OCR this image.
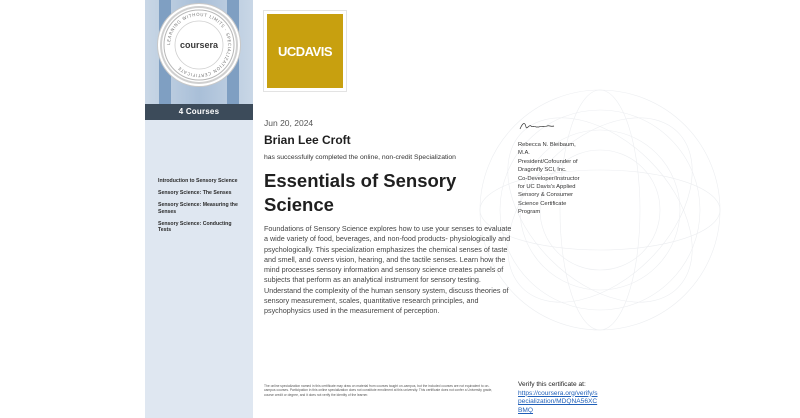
LEARNING WITHOUT LIMITS · SPECIALIZATION CERTIFICATE
coursera
4 Courses
Introduction to Sensory Science
Sensory Science: The Senses
Sensory Science: Measuring the Senses
Sensory Science: Conducting Tests
UCDAVIS
Jun 20, 2024
Brian Lee Croft
has successfully completed the online, non-credit Specialization
Essentials of Sensory Science
Foundations of Sensory Science explores how to use your senses to evaluate a wide variety of food, beverages, and non-food products- physiologically and psychologically. This specialization emphasizes the chemical senses of taste and smell, and covers vision, hearing, and the tactile senses. Learn how the mind processes sensory information and sensory science creates panels of subjects that perform as an analytical instrument for sensory testing. Understand the complexity of the human sensory system, discuss theories of sensory measurement, scales, quantitative research principles, and psychophysics used in the measurement of perception.
Rebecca N. Bleibaum,
M.A.
President/Cofounder of
Dragonfly SCI, Inc.
Co-Developer/Instructor
for UC Davis's Applied
Sensory & Consumer
Science Certificate
Program
The online specialization named in this certificate may draw on material from courses taught on-campus, but the included courses are not equivalent to on-campus courses. Participation in this online specialization does not constitute enrollment at this university. This certificate does not confer a University grade, course credit or degree, and it does not verify the identity of the learner.
Verify this certificate at:
https://coursera.org/verify/specialization/MDQNA56XCBMQ
